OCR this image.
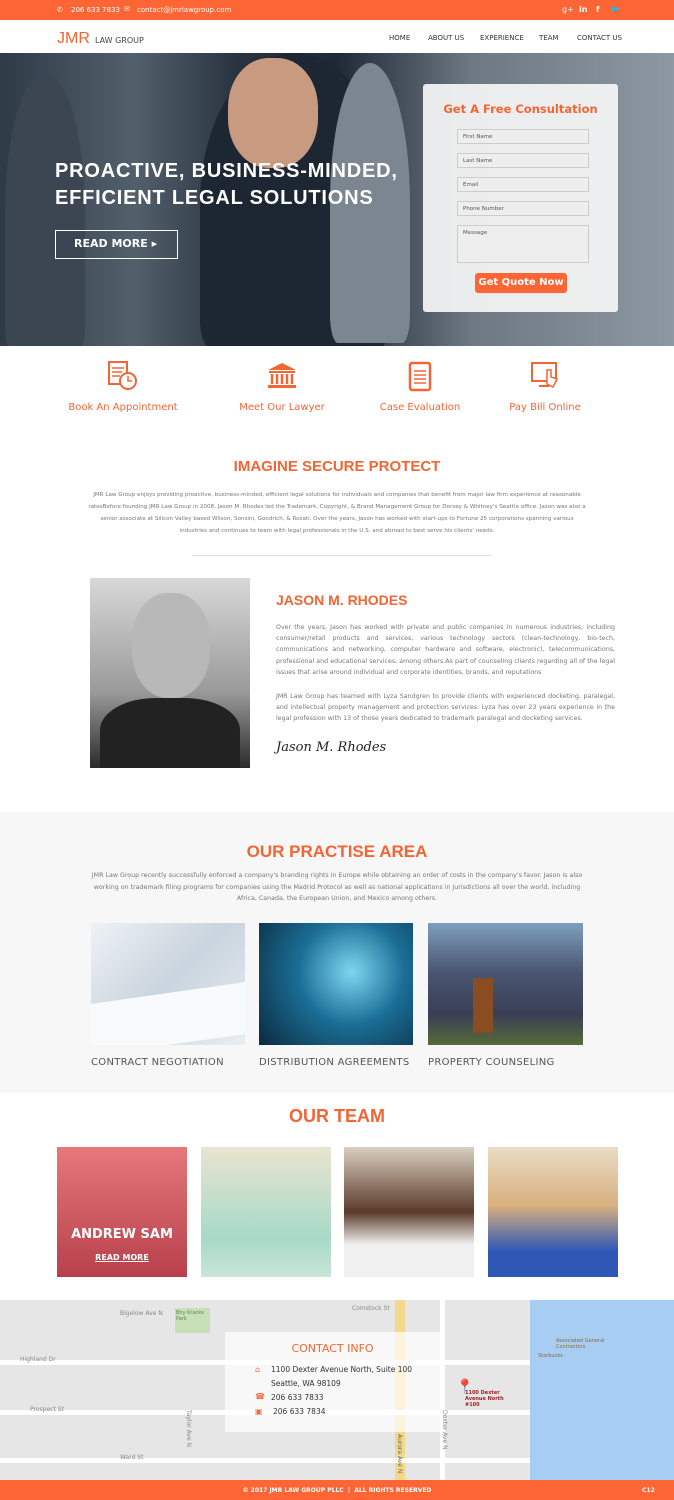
✆ 206 633 7833 ✉ contact@jmrlawgroup.com	g+ in f 🐦
JMR LAW GROUP	HOME	ABOUT US EXPERIENCE TEAM	CONTACT US
PROACTIVE, BUSINESS-MINDED,
EFFICIENT LEGAL SOLUTIONS
READ MORE ▸
Get A Free Consultation
First Name
Last Name
Email
Phone Number
Message
Get Quote Now
Book An Appointment	Meet Our Lawyer	Case Evaluation	Pay Bill Online
IMAGINE SECURE PROTECT
JMR Law Group enjoys providing proactive, business-minded, efficient legal solutions for individuals and companies that benefit from major law firm experience at reasonable ratesBefore founding JMR Law Group in 2008, Jason M. Rhodes led the Trademark, Copyright, & Brand Management Group for Dorsey & Whitney's Seattle office. Jason was also a senior associate at Silicon Valley based Wilson, Sonsini, Goodrich, & Rosati. Over the years, Jason has worked with start-ups to Fortune 25 corporations spanning various industries and continues to team with legal professionals in the U.S. and abroad to best serve his clients' needs.
JASON M. RHODES
Over the years, Jason has worked with private and public companies in numerous industries, including consumer/retail products and services, various technology sectors (clean-technology, bio-tech, communications and networking, computer hardware and software, electronic), telecommunications, professional and educational services, among others.As part of counseling clients regarding all of the legal issues that arise around individual and corporate identities, brands, and reputations
JMR Law Group has teamed with Lyza Sandgren to provide clients with experienced docketing, paralegal, and intellectual property management and protection services. Lyza has over 23 years experience in the legal profession with 13 of those years dedicated to trademark paralegal and docketing services.
Jason M. Rhodes
OUR PRACTISE AREA
JMR Law Group recently successfully enforced a company's branding rights in Europe while obtaining an order of costs in the company's favor. Jason is also working on trademark filing programs for companies using the Madrid Protocol as well as national applications in jurisdictions all over the world, including Africa, Canada, the European Union, and Mexico among others.
CONTRACT NEGOTIATION	DISTRIBUTION AGREEMENTS PROPERTY COUNSELING
OUR TEAM
ANDREW SAM
READ MORE
Highland Dr
Prospect St
Ward St	Aurora Ave N
Dexter Ave N
Taylor Ave N
Comstock St
Bigelow Ave N	Bhy Kracke Park
Associated General Contractors
Starbucks
📍
1100 Dexter Avenue North #100
CONTACT INFO
⌂ 1100 Dexter Avenue North, Suite 100
Seattle, WA 98109
☎ 206 633 7833
▣ 206 633 7834
© 2017 JMR LAW GROUP PLLC  |  ALL RIGHTS RESERVED	C12
